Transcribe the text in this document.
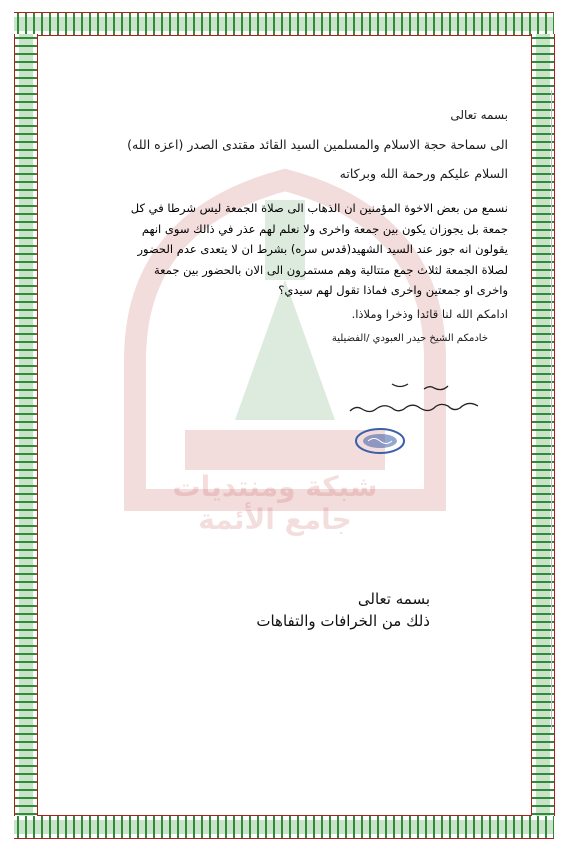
شبكة ومنتديات جامع الأئمة
بسمه تعالى
الى سماحة حجة الاسلام والمسلمين السيد القائد مقتدى الصدر (اعزه الله)
السلام عليكم ورحمة الله وبركاته
نسمع من بعض الاخوة المؤمنين ان الذهاب الى صلاة الجمعة ليس شرطا في كل
جمعة بل يجوزان يكون بين جمعة واخرى ولا نعلم لهم عذر في ذالك سوى انهم
يقولون انه جوز عند السيد الشهيد(قدس سره) بشرط ان لا يتعدى عدم الحضور
لصلاة الجمعة لثلاث جمع متتالية وهم مستمرون الى الان بالحضور بين جمعة
واخرى او جمعتين واخرى فماذا تقول لهم سيدي؟
ادامكم الله لنا قائدا وذخرا وملاذا.
خادمكم الشيخ حيدر العبودي /الفضيلية
بسمه تعالى
ذلك من الخرافات والتفاهات
